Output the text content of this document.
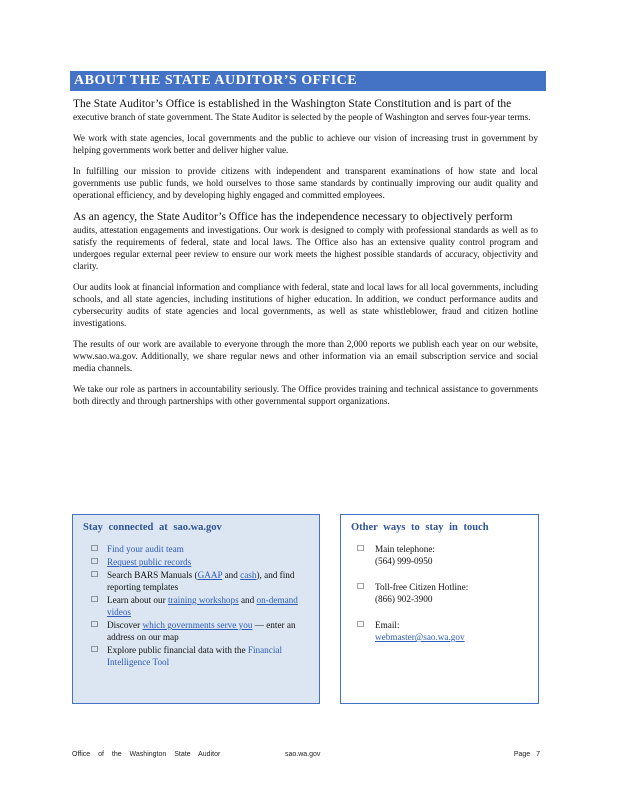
ABOUT THE STATE AUDITOR’S OFFICE

The State Auditor’s Office is established in the Washington State Constitution and is part of the

executive branch of state government. The State Auditor is selected by the people of Washington and serves four-year terms.

We work with state agencies, local governments and the public to achieve our vision of increasing trust in government by helping governments work better and deliver higher value.

In fulfilling our mission to provide citizens with independent and transparent examinations of how state and local governments use public funds, we hold ourselves to those same standards by continually improving our audit quality and operational efficiency, and by developing highly engaged and committed employees.

As an agency, the State Auditor’s Office has the independence necessary to objectively perform

audits, attestation engagements and investigations. Our work is designed to comply with professional standards as well as to satisfy the requirements of federal, state and local laws. The Office also has an extensive quality control program and undergoes regular external peer review to ensure our work meets the highest possible standards of accuracy, objectivity and clarity.

Our audits look at financial information and compliance with federal, state and local laws for all local governments, including schools, and all state agencies, including institutions of higher education. In addition, we conduct performance audits and cybersecurity audits of state agencies and local governments, as well as state whistleblower, fraud and citizen hotline investigations.

The results of our work are available to everyone through the more than 2,000 reports we publish each year on our website, www.sao.wa.gov. Additionally, we share regular news and other information via an email subscription service and social media channels.

We take our role as partners in accountability seriously. The Office provides training and technical assistance to governments both directly and through partnerships with other governmental support organizations.

Stay connected at sao.wa.gov
☐ Find your audit team
☐ Request public records
☐ Search BARS Manuals (GAAP and cash), and find reporting templates
☐ Learn about our training workshops and on-demand videos
☐ Discover which governments serve you — enter an address on our map
☐ Explore public financial data with the Financial Intelligence Tool
Other ways to stay in touch
☐ Main telephone:
(564) 999-0950
☐ Toll-free Citizen Hotline:
(866) 902-3900
☐ Email:
webmaster@sao.wa.gov
Office of the Washington State Auditor	sao.wa.gov	Page 7
